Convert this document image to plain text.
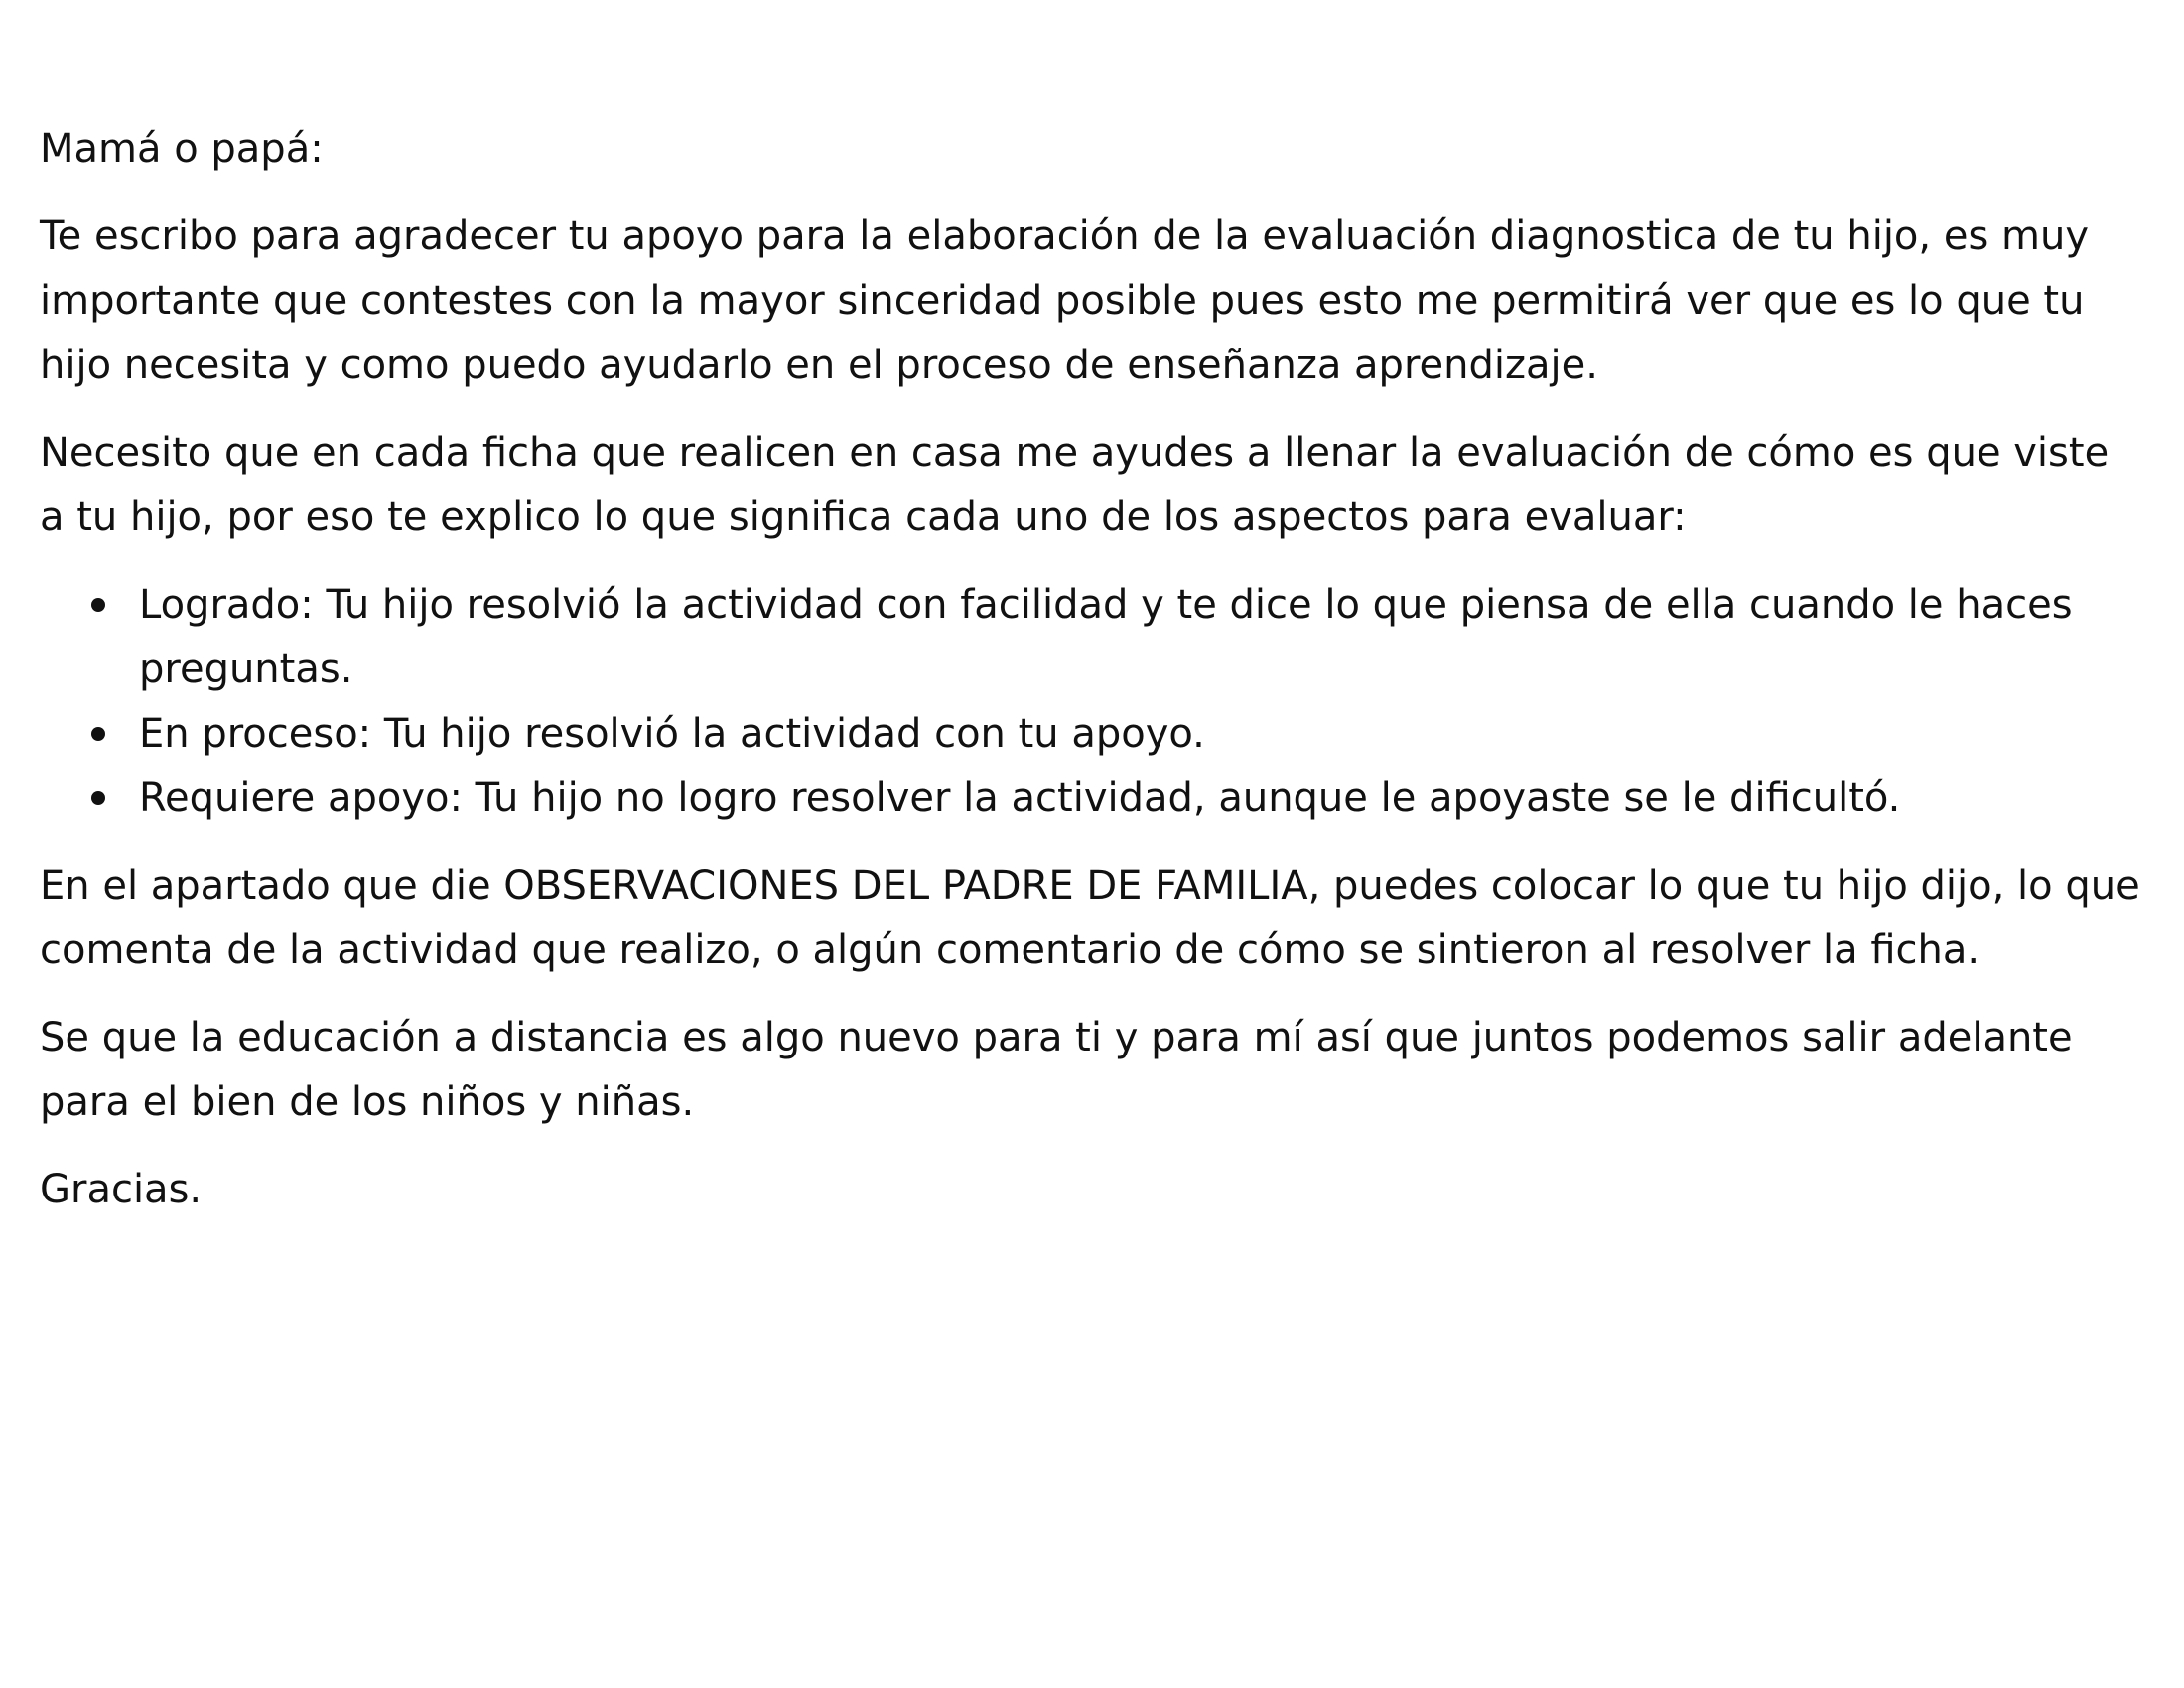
Mamá o papá:

Te escribo para agradecer tu apoyo para la elaboración de la evaluación diagnostica de tu hijo, es muy importante que contestes con la mayor sinceridad posible pues esto me permitirá ver que es lo que tu hijo necesita y como puedo ayudarlo en el proceso de enseñanza aprendizaje.

Necesito que en cada ficha que realicen en casa me ayudes a llenar la evaluación de cómo es que viste a tu hijo, por eso te explico lo que significa cada uno de los aspectos para evaluar:

Logrado: Tu hijo resolvió la actividad con facilidad y te dice lo que piensa de ella cuando le haces preguntas.
En proceso: Tu hijo resolvió la actividad con tu apoyo.
Requiere apoyo: Tu hijo no logro resolver la actividad, aunque le apoyaste se le dificultó.

En el apartado que die OBSERVACIONES DEL PADRE DE FAMILIA, puedes colocar lo que tu hijo dijo, lo que comenta de la actividad que realizo, o algún comentario de cómo se sintieron al resolver la ficha.

Se que la educación a distancia es algo nuevo para ti y para mí así que juntos podemos salir adelante para el bien de los niños y niñas.

Gracias.
